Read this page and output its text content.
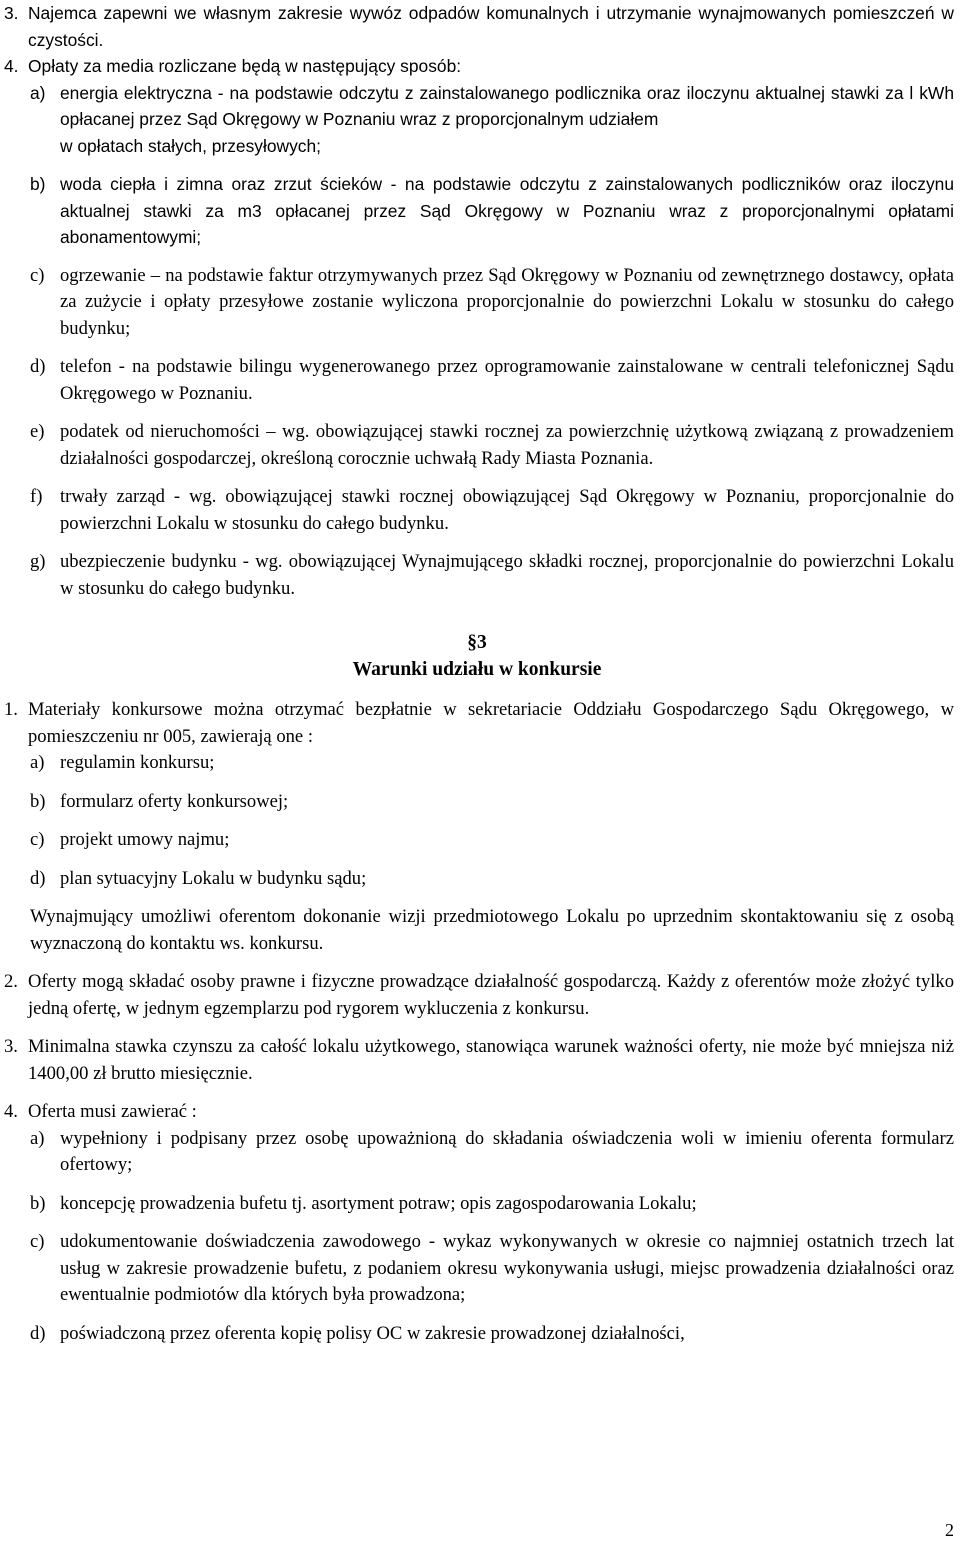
3. Najemca zapewni we własnym zakresie wywóz odpadów komunalnych i utrzymanie wynajmowanych pomieszczeń w czystości.
4. Opłaty za media rozliczane będą w następujący sposób:
a) energia elektryczna - na podstawie odczytu z zainstalowanego podlicznika oraz iloczynu aktualnej stawki za l kWh opłacanej przez Sąd Okręgowy w Poznaniu wraz z proporcjonalnym udziałem
w opłatach stałych, przesyłowych;
b) woda ciepła i zimna oraz zrzut ścieków - na podstawie odczytu z zainstalowanych podliczników oraz iloczynu aktualnej stawki za m3 opłacanej przez Sąd Okręgowy w Poznaniu wraz z proporcjonalnymi opłatami abonamentowymi;
c) ogrzewanie – na podstawie faktur otrzymywanych przez Sąd Okręgowy w Poznaniu od zewnętrznego dostawcy, opłata za zużycie i opłaty przesyłowe zostanie wyliczona proporcjonalnie do powierzchni Lokalu w stosunku do całego budynku;
d) telefon - na podstawie bilingu wygenerowanego przez oprogramowanie zainstalowane w centrali telefonicznej Sądu Okręgowego w Poznaniu.
e) podatek od nieruchomości – wg. obowiązującej stawki rocznej za powierzchnię użytkową związaną z prowadzeniem działalności gospodarczej, określoną corocznie uchwałą Rady Miasta Poznania.
f) trwały zarząd - wg. obowiązującej stawki rocznej obowiązującej Sąd Okręgowy w Poznaniu, proporcjonalnie do powierzchni Lokalu w stosunku do całego budynku.
g) ubezpieczenie budynku - wg. obowiązującej Wynajmującego składki rocznej, proporcjonalnie do powierzchni Lokalu w stosunku do całego budynku.
§3
Warunki udziału w konkursie
1. Materiały konkursowe można otrzymać bezpłatnie w sekretariacie Oddziału Gospodarczego Sądu Okręgowego, w pomieszczeniu nr 005, zawierają one :
a) regulamin konkursu;
b) formularz oferty konkursowej;
c) projekt umowy najmu;
d) plan sytuacyjny Lokalu w budynku sądu;
Wynajmujący umożliwi oferentom dokonanie wizji przedmiotowego Lokalu po uprzednim skontaktowaniu się z osobą wyznaczoną do kontaktu ws. konkursu.
2. Oferty mogą składać osoby prawne i fizyczne prowadzące działalność gospodarczą. Każdy z oferentów może złożyć tylko jedną ofertę, w jednym egzemplarzu pod rygorem wykluczenia z konkursu.
3. Minimalna stawka czynszu za całość lokalu użytkowego, stanowiąca warunek ważności oferty, nie może być mniejsza niż 1400,00 zł brutto miesięcznie.
4. Oferta musi zawierać :
a) wypełniony i podpisany przez osobę upoważnioną do składania oświadczenia woli w imieniu oferenta formularz ofertowy;
b) koncepcję prowadzenia bufetu tj. asortyment potraw; opis zagospodarowania Lokalu;
c) udokumentowanie doświadczenia zawodowego - wykaz wykonywanych w okresie co najmniej ostatnich trzech lat usług w zakresie prowadzenie bufetu, z podaniem okresu wykonywania usługi, miejsc prowadzenia działalności oraz ewentualnie podmiotów dla których była prowadzona;
d) poświadczoną przez oferenta kopię polisy OC w zakresie prowadzonej działalności,
2
